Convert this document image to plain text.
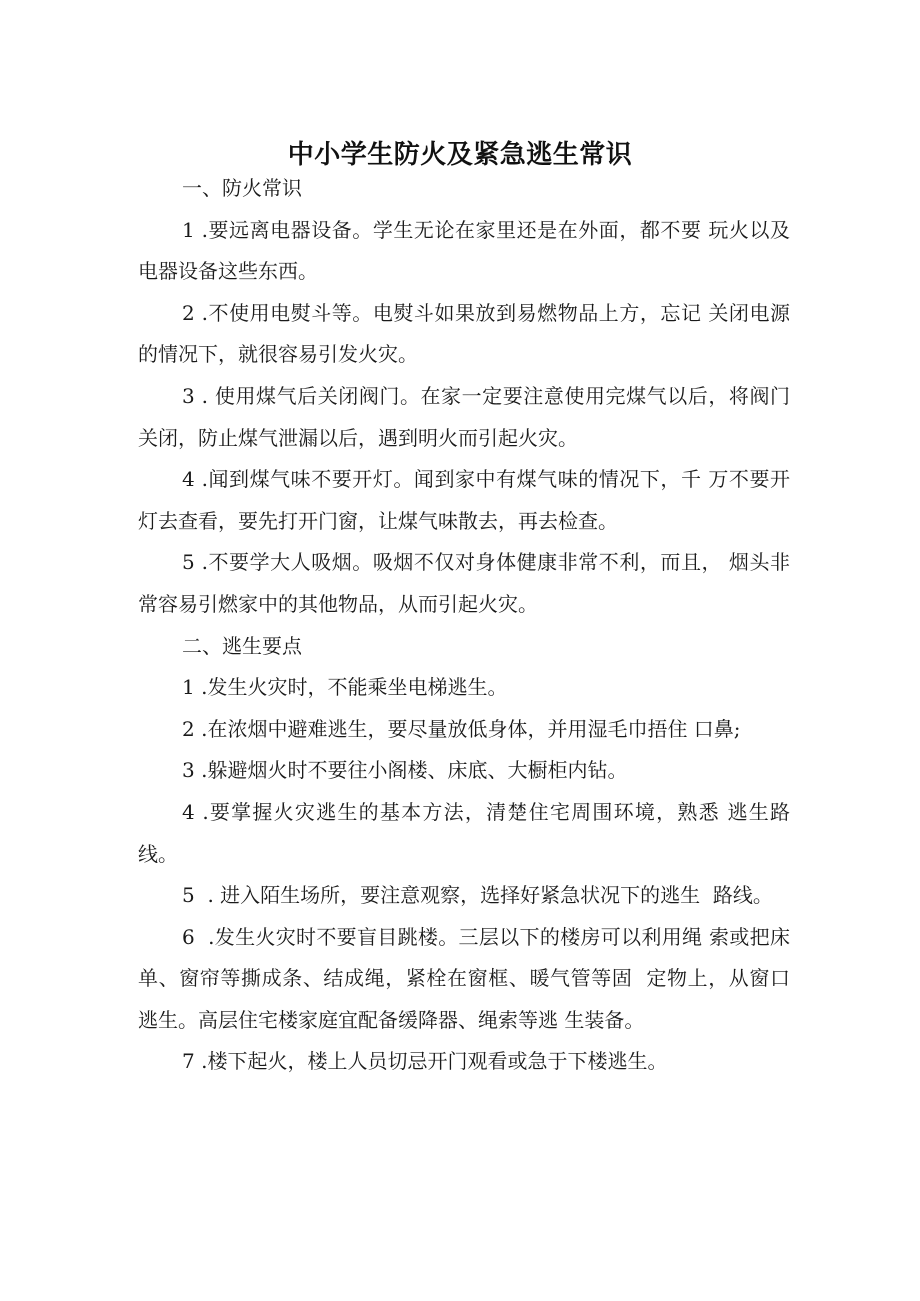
中小学生防火及紧急逃生常识

一、防火常识

1 .要远离电器设备。学生无论在家里还是在外面，都不要 玩火以及电器设备这些东西。

2 .不使用电熨斗等。电熨斗如果放到易燃物品上方，忘记 关闭电源的情况下，就很容易引发火灾。

3 . 使用煤气后关闭阀门。在家一定要注意使用完煤气以后，将阀门关闭，防止煤气泄漏以后，遇到明火而引起火灾。

4 .闻到煤气味不要开灯。闻到家中有煤气味的情况下，千 万不要开灯去查看，要先打开门窗，让煤气味散去，再去检查。

5 .不要学大人吸烟。吸烟不仅对身体健康非常不利，而且， 烟头非常容易引燃家中的其他物品，从而引起火灾。

二、逃生要点

1 .发生火灾时，不能乘坐电梯逃生。

2 .在浓烟中避难逃生，要尽量放低身体，并用湿毛巾捂住 口鼻;

3 .躲避烟火时不要往小阁楼、床底、大橱柜内钻。

4 .要掌握火灾逃生的基本方法，清楚住宅周围环境，熟悉 逃生路线。

5  . 进入陌生场所，要注意观察，选择好紧急状况下的逃生  路线。

6  .发生火灾时不要盲目跳楼。三层以下的楼房可以利用绳 索或把床单、窗帘等撕成条、结成绳，紧栓在窗框、暖气管等固  定物上，从窗口逃生。高层住宅楼家庭宜配备缓降器、绳索等逃 生装备。

7 .楼下起火，楼上人员切忌开门观看或急于下楼逃生。
